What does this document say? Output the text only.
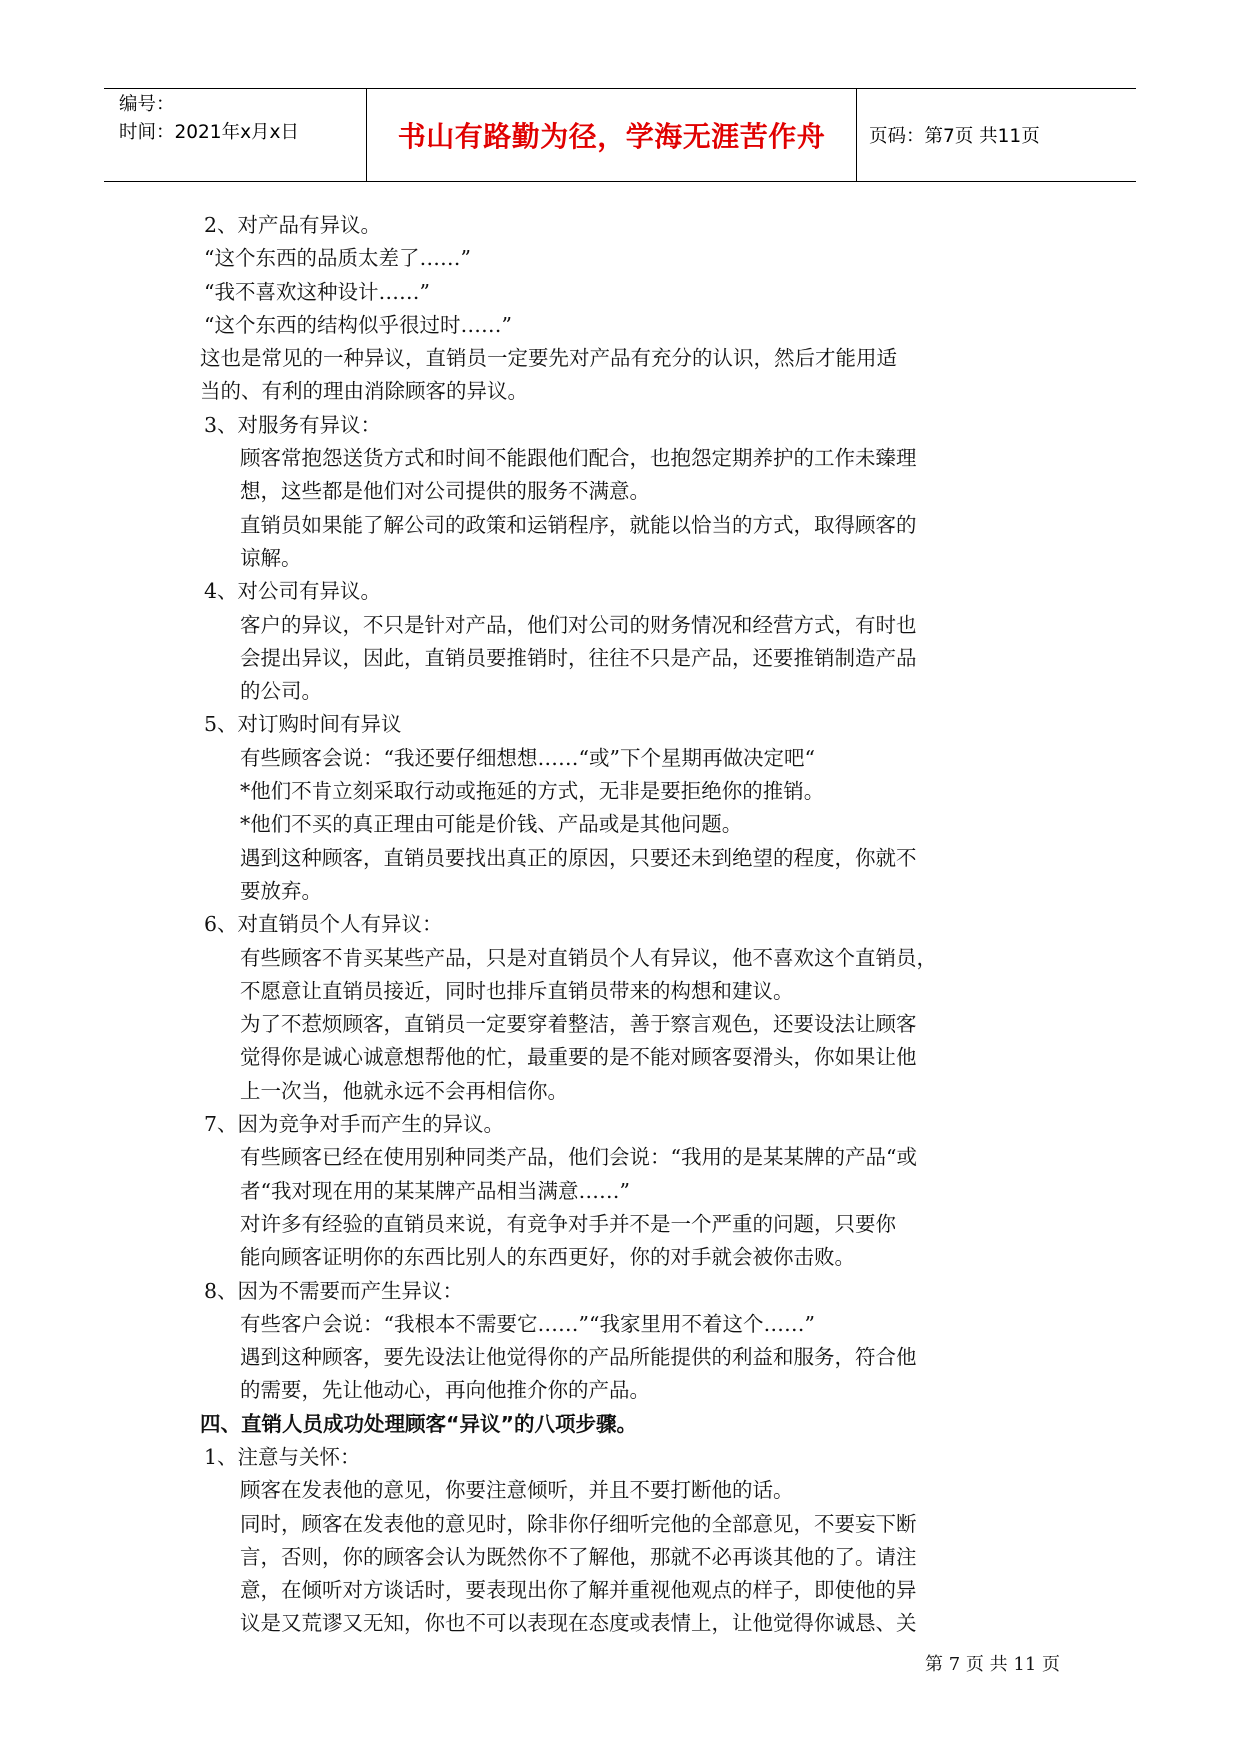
编号：
时间：2021年x月x日	书山有路勤为径，学海无涯苦作舟	页码：第7页 共11页
2、对产品有异议。
“这个东西的品质太差了……”
“我不喜欢这种设计……”
“这个东西的结构似乎很过时……”
这也是常见的一种异议，直销员一定要先对产品有充分的认识，然后才能用适
当的、有利的理由消除顾客的异议。
3、对服务有异议：
顾客常抱怨送货方式和时间不能跟他们配合，也抱怨定期养护的工作未臻理
想，这些都是他们对公司提供的服务不满意。
直销员如果能了解公司的政策和运销程序，就能以恰当的方式，取得顾客的
谅解。
4、对公司有异议。
客户的异议，不只是针对产品，他们对公司的财务情况和经营方式，有时也
会提出异议，因此，直销员要推销时，往往不只是产品，还要推销制造产品
的公司。
5、对订购时间有异议
有些顾客会说：“我还要仔细想想……“或”下个星期再做决定吧“
*他们不肯立刻采取行动或拖延的方式，无非是要拒绝你的推销。
*他们不买的真正理由可能是价钱、产品或是其他问题。
遇到这种顾客，直销员要找出真正的原因，只要还未到绝望的程度，你就不
要放弃。
6、对直销员个人有异议：
有些顾客不肯买某些产品，只是对直销员个人有异议，他不喜欢这个直销员，
不愿意让直销员接近，同时也排斥直销员带来的构想和建议。
为了不惹烦顾客，直销员一定要穿着整洁，善于察言观色，还要设法让顾客
觉得你是诚心诚意想帮他的忙，最重要的是不能对顾客耍滑头，你如果让他
上一次当，他就永远不会再相信你。
7、因为竞争对手而产生的异议。
有些顾客已经在使用别种同类产品，他们会说：“我用的是某某牌的产品“或
者“我对现在用的某某牌产品相当满意……”
对许多有经验的直销员来说，有竞争对手并不是一个严重的问题，只要你
能向顾客证明你的东西比别人的东西更好，你的对手就会被你击败。
8、因为不需要而产生异议：
有些客户会说：“我根本不需要它……”“我家里用不着这个……”
遇到这种顾客，要先设法让他觉得你的产品所能提供的利益和服务，符合他
的需要，先让他动心，再向他推介你的产品。
四、直销人员成功处理顾客“异议”的八项步骤。
1、注意与关怀：
顾客在发表他的意见，你要注意倾听，并且不要打断他的话。
同时，顾客在发表他的意见时，除非你仔细听完他的全部意见，不要妄下断
言，否则，你的顾客会认为既然你不了解他，那就不必再谈其他的了。请注
意，在倾听对方谈话时，要表现出你了解并重视他观点的样子，即使他的异
议是又荒谬又无知，你也不可以表现在态度或表情上，让他觉得你诚恳、关
第 7 页 共 11 页
